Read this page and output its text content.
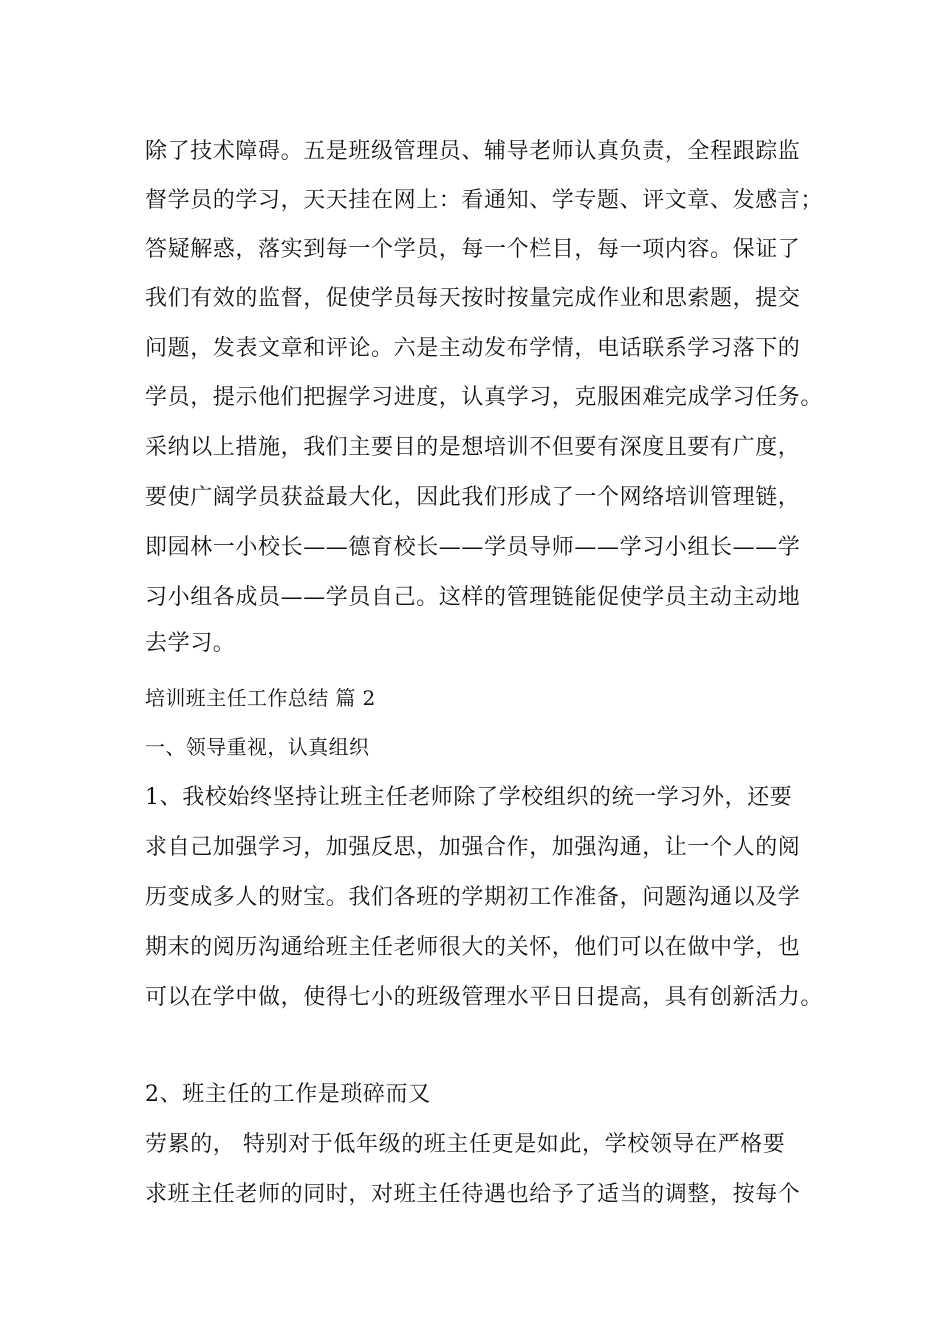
除了技术障碍。五是班级管理员、辅导老师认真负责，全程跟踪监
督学员的学习，天天挂在网上：看通知、学专题、评文章、发感言；
答疑解惑，落实到每一个学员，每一个栏目，每一项内容。保证了
我们有效的监督，促使学员每天按时按量完成作业和思索题，提交
问题，发表文章和评论。六是主动发布学情，电话联系学习落下的
学员，提示他们把握学习进度，认真学习，克服困难完成学习任务。
采纳以上措施，我们主要目的是想培训不但要有深度且要有广度，
要使广阔学员获益最大化，因此我们形成了一个网络培训管理链，
即园林一小校长——德育校长——学员导师——学习小组长——学
习小组各成员——学员自己。这样的管理链能促使学员主动主动地
去学习。
培训班主任工作总结 篇 2
一、领导重视，认真组织
1、我校始终坚持让班主任老师除了学校组织的统一学习外，还要
求自己加强学习，加强反思，加强合作，加强沟通，让一个人的阅
历变成多人的财宝。我们各班的学期初工作准备，问题沟通以及学
期末的阅历沟通给班主任老师很大的关怀，他们可以在做中学，也
可以在学中做，使得七小的班级管理水平日日提高，具有创新活力。
2、班主任的工作是琐碎而又
劳累的， 特别对于低年级的班主任更是如此，学校领导在严格要
求班主任老师的同时，对班主任待遇也给予了适当的调整，按每个
